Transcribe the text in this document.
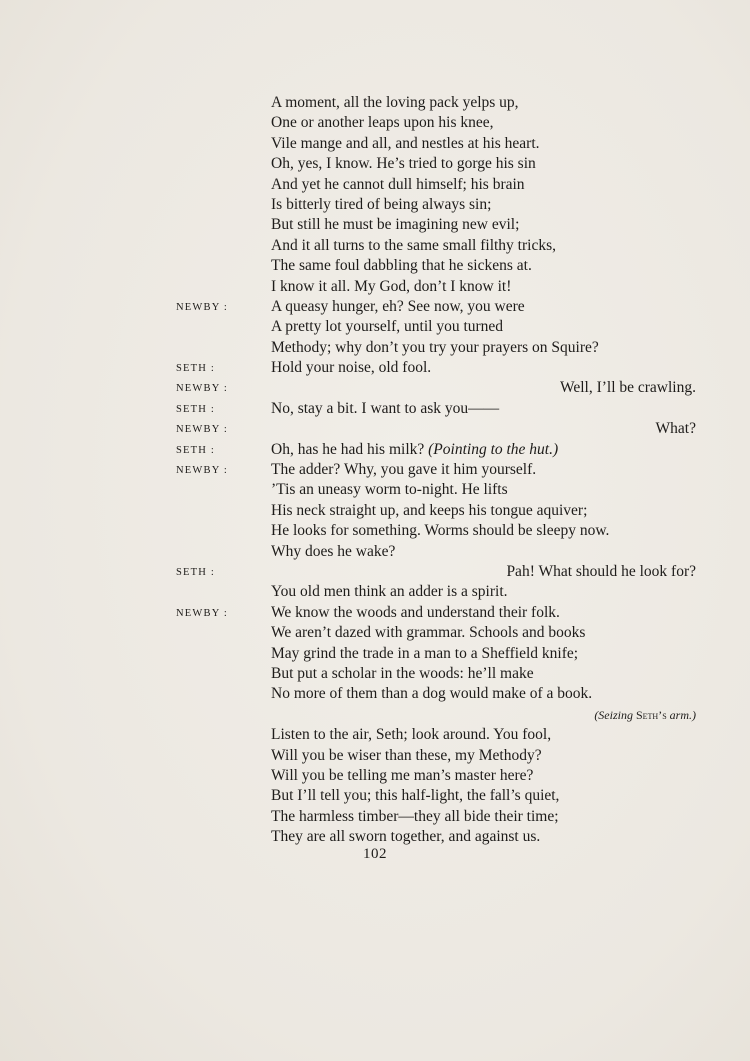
A moment, all the loving pack yelps up,
One or another leaps upon his knee,
Vile mange and all, and nestles at his heart.
Oh, yes, I know. He’s tried to gorge his sin
And yet he cannot dull himself; his brain
Is bitterly tired of being always sin;
But still he must be imagining new evil;
And it all turns to the same small filthy tricks,
The same foul dabbling that he sickens at.
I know it all. My God, don’t I know it!
NEWBY :	A queasy hunger, eh? See now, you were
A pretty lot yourself, until you turned
Methody; why don’t you try your prayers on Squire?
SETH :	Hold your noise, old fool.
NEWBY :	Well, I’ll be crawling.
SETH :	No, stay a bit. I want to ask you——
NEWBY :	What?
SETH :	Oh, has he had his milk? (Pointing to the hut.)
NEWBY :	The adder? Why, you gave it him yourself.
’Tis an uneasy worm to-night. He lifts
His neck straight up, and keeps his tongue aquiver;
He looks for something. Worms should be sleepy now.
Why does he wake?
SETH :	Pah! What should he look for?
You old men think an adder is a spirit.
NEWBY :	We know the woods and understand their folk.
We aren’t dazed with grammar. Schools and books
May grind the trade in a man to a Sheffield knife;
But put a scholar in the woods: he’ll make
No more of them than a dog would make of a book.
(Seizing Seth’s arm.)
Listen to the air, Seth; look around. You fool,
Will you be wiser than these, my Methody?
Will you be telling me man’s master here?
But I’ll tell you; this half-light, the fall’s quiet,
The harmless timber—they all bide their time;
They are all sworn together, and against us.
102
